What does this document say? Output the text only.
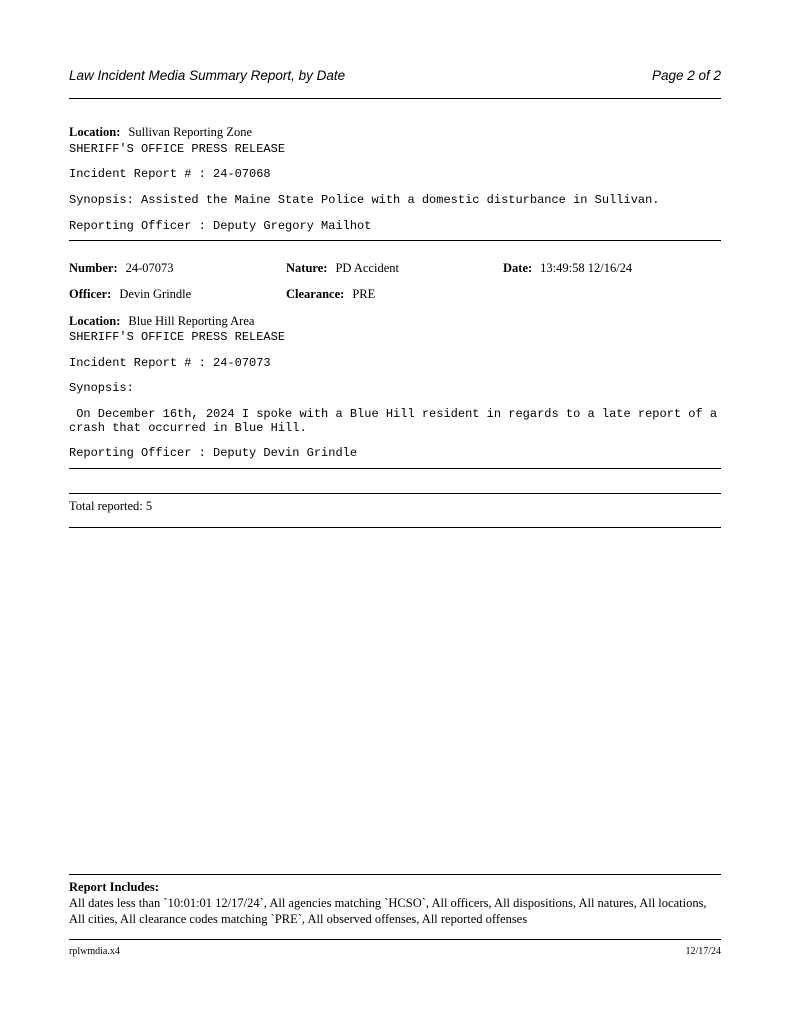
Law Incident Media Summary Report, by Date	Page 2 of 2
Location: Sullivan Reporting Zone
SHERIFF'S OFFICE PRESS RELEASE
Incident Report # : 24-07068
Synopsis: Assisted the Maine State Police with a domestic disturbance in Sullivan.
Reporting Officer : Deputy Gregory Mailhot
Number: 24-07073	Nature: PD Accident	Date: 13:49:58 12/16/24
Officer: Devin Grindle	Clearance: PRE
Location: Blue Hill Reporting Area
SHERIFF'S OFFICE PRESS RELEASE
Incident Report # : 24-07073
Synopsis:
On December 16th, 2024 I spoke with a Blue Hill resident in regards to a late report of a
crash that occurred in Blue Hill.
Reporting Officer : Deputy Devin Grindle
Total reported: 5
Report Includes:
All dates less than `10:01:01 12/17/24`, All agencies matching `HCSO`, All officers, All dispositions, All natures, All locations, All cities, All clearance codes matching `PRE`, All observed offenses, All reported offenses
rplwmdia.x4	12/17/24
